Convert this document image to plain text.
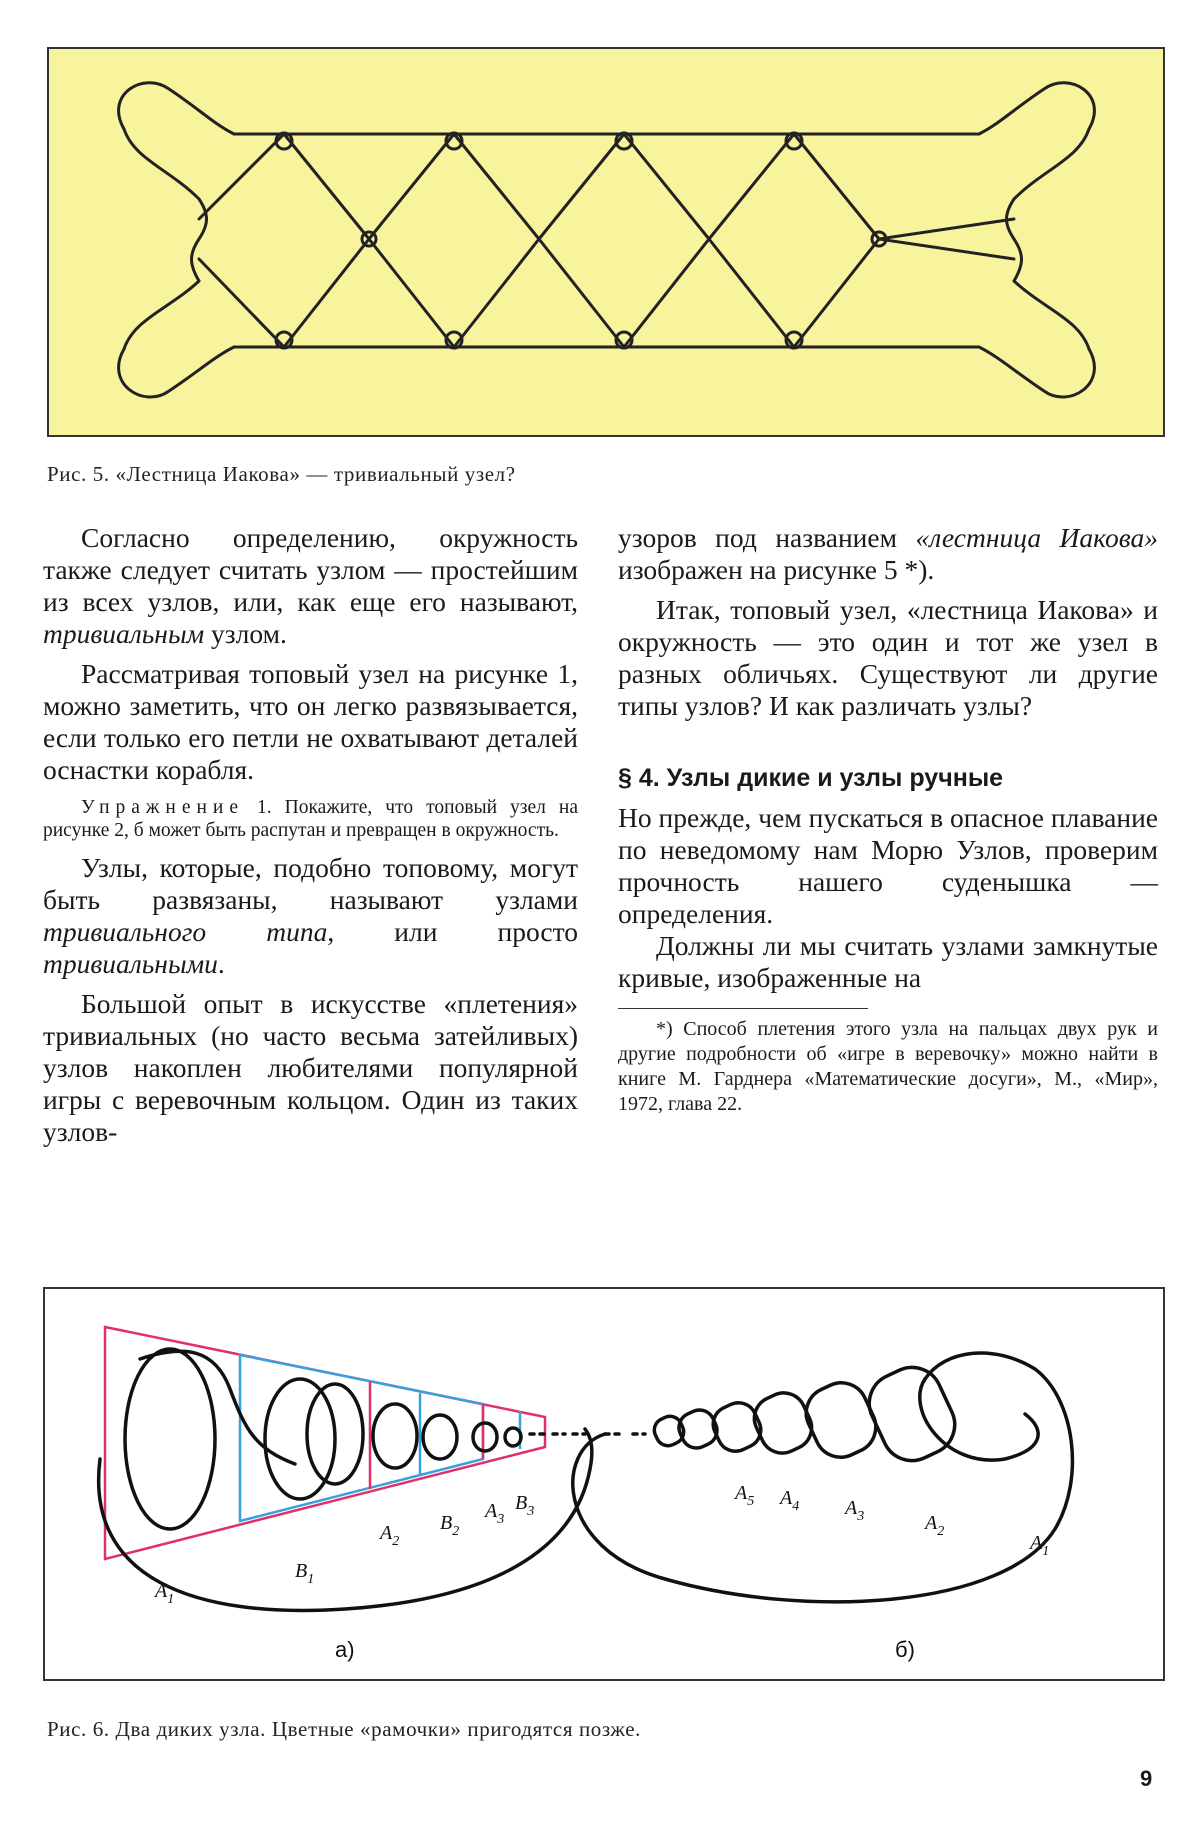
Рис. 5. «Лестница Иакова» — тривиальный узел?

Согласно определению, окружность также следует считать узлом — простейшим из всех узлов, или, как еще его называют, тривиальным узлом.

Рассматривая топовый узел на рисунке 1, можно заметить, что он легко развязывается, если только его петли не охватывают деталей оснастки корабля.

Упражнение 1. Покажите, что топовый узел на рисунке 2, б может быть распутан и превращен в окружность.

Узлы, которые, подобно топовому, могут быть развязаны, называют узлами тривиального типа, или просто тривиальными.

Большой опыт в искусстве «плетения» тривиальных (но часто весьма затейливых) узлов накоплен любителями популярной игры с веревочным кольцом. Один из таких узлов-

узоров под названием «лестница Иакова» изображен на рисунке 5 *).

Итак, топовый узел, «лестница Иакова» и окружность — это один и тот же узел в разных обличьях. Существуют ли другие типы узлов? И как различать узлы?

§ 4. Узлы дикие и узлы ручные

Но прежде, чем пускаться в опасное плавание по неведомому нам Морю Узлов, проверим прочность нашего суденышка — определения.

Должны ли мы считать узлами замкнутые кривые, изображенные на

*) Способ плетения этого узла на пальцах двух рук и другие подробности об «игре в веревочку» можно найти в книге М. Гарднера «Математические досуги», М., «Мир», 1972, глава 22.
$A_1$
$B_1$
$A_2$
$B_2$
$A_3$
$B_3$
$A_5$ $A_4$ $A_3$	$A_2$
$A_1$
а)	б)
Рис. 6. Два диких узла. Цветные «рамочки» пригодятся позже.
9
